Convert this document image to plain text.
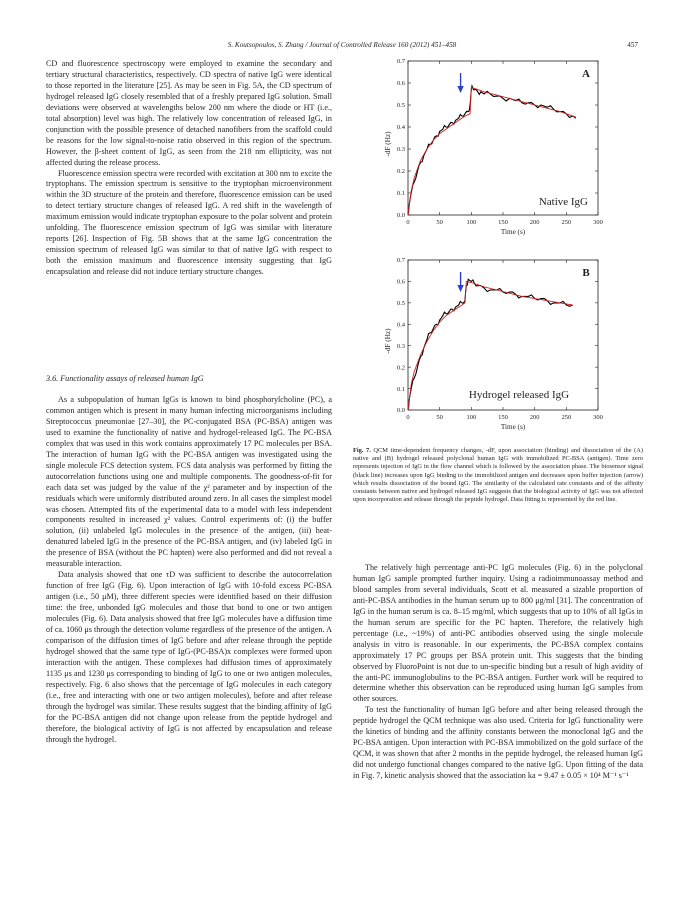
S. Koutsopoulos, S. Zhang / Journal of Controlled Release 160 (2012) 451–458	457

CD and fluorescence spectroscopy were employed to examine the secondary and tertiary structural characteristics, respectively. CD spectra of native IgG were identical to those reported in the literature [25]. As may be seen in Fig. 5A, the CD spectrum of hydrogel released IgG closely resembled that of a freshly prepared IgG solution. Small deviations were observed at wavelengths below 200 nm where the diode or HT (i.e., total absorption) level was high. The relatively low concentration of released IgG, in conjunction with the possible presence of detached nanofibers from the scaffold could be reasons for the low signal-to-noise ratio observed in this region of the spectrum. However, the β-sheet content of IgG, as seen from the 218 nm ellipticity, was not affected during the release process.

Fluorescence emission spectra were recorded with excitation at 300 nm to excite the tryptophans. The emission spectrum is sensitive to the tryptophan microenvironment within the 3D structure of the protein and therefore, fluorescence emission can be used to detect tertiary structure changes of released IgG. A red shift in the wavelength of maximum emission would indicate tryptophan exposure to the polar solvent and protein unfolding. The fluorescence emission spectrum of IgG was similar with literature reports [26]. Inspection of Fig. 5B shows that at the same IgG concentration the emission spectrum of released IgG was similar to that of native IgG with respect to both the emission maximum and fluorescence intensity suggesting that IgG encapsulation and release did not induce tertiary structure changes.

3.6. Functionality assays of released human IgG

As a subpopulation of human IgGs is known to bind phosphorylcholine (PC), a common antigen which is present in many human infecting microorganisms including Streptococcus pneumoniae [27–30], the PC-conjugated BSA (PC-BSA) antigen was used to examine the functionality of native and hydrogel-released IgG. The PC-BSA complex that was used in this work contains approximately 17 PC molecules per BSA. The interaction of human IgG with the PC-BSA antigen was investigated using the single molecule FCS detection system. FCS data analysis was performed by fitting the autocorrelation functions using one and multiple components. The goodness-of-fit for each data set was judged by the value of the χ² parameter and by inspection of the residuals which were uniformly distributed around zero. In all cases the simplest model was chosen. Attempted fits of the experimental data to a model with less independent components resulted in increased χ² values. Control experiments of: (i) the buffer solution, (ii) unlabeled IgG molecules in the presence of the antigen, (iii) heat-denatured labeled IgG in the presence of the PC-BSA antigen, and (iv) labeled IgG in the presence of BSA (without the PC hapten) were also performed and did not reveal a measurable interaction.

Data analysis showed that one τD was sufficient to describe the autocorrelation function of free IgG (Fig. 6). Upon interaction of IgG with 10-fold excess PC-BSA antigen (i.e., 50 μM), three different species were identified based on their diffusion time: the free, unbonded IgG molecules and those that bond to one or two antigen molecules (Fig. 6). Data analysis showed that free IgG molecules have a diffusion time of ca. 1060 μs through the detection volume regardless of the presence of the antigen. A comparison of the diffusion times of IgG before and after release through the peptide hydrogel showed that the same type of IgG-(PC-BSA)x complexes were formed upon interaction with the antigen. These complexes had diffusion times of approximately 1135 μs and 1230 μs corresponding to binding of IgG to one or two antigen molecules, respectively. Fig. 6 also shows that the percentage of IgG molecules in each category (i.e., free and interacting with one or two antigen molecules), before and after release through the hydrogel was similar. These results suggest that the binding affinity of IgG for the PC-BSA antigen did not change upon release from the peptide hydrogel and therefore, the biological activity of IgG is not affected by encapsulation and release through the hydrogel.

0	50	100	150	200	250	300
0.0
0.1
0.2
0.3
0.4
0.5
0.6
0.7
Time (s)
-dF (Hz)
A
Native IgG
0	50	100	150	200	250	300
0.0
0.1
0.2
0.3
0.4
0.5
0.6
0.7
Time (s)
-dF (Hz)
B
Hydrogel released IgG
Fig. 7. QCM time-dependent frequency changes, -dF, upon association (binding) and dissociation of the (A) native and (B) hydrogel released polyclonal human IgG with immobilized PC-BSA (antigen). Time zero represents injection of IgG in the flow channel which is followed by the association phase. The biosensor signal (black line) increases upon IgG binding to the immobilized antigen and decreases upon buffer injection (arrow) which results dissociation of the bound IgG. The similarity of the calculated rate constants and of the affinity constants between native and hydrogel released IgG suggests that the biological activity of IgG was not affected upon incorporation and release through the peptide hydrogel. Data fitting is represented by the red line.

The relatively high percentage anti-PC IgG molecules (Fig. 6) in the polyclonal human IgG sample prompted further inquiry. Using a radioimmunoassay method and blood samples from several individuals, Scott et al. measured a sizable proportion of anti-PC-BSA antibodies in the human serum up to 800 μg/ml [31]. The concentration of IgG in the human serum is ca. 8–15 mg/ml, which suggests that up to 10% of all IgGs in the human serum are specific for the PC hapten. Therefore, the relatively high percentage (i.e., ~19%) of anti-PC antibodies observed using the single molecule analysis in vitro is reasonable. In our experiments, the PC-BSA complex contains approximately 17 PC groups per BSA protein unit. This suggests that the binding observed by FluoroPoint is not due to un-specific binding but a result of high avidity of the anti-PC immunoglobulins to the PC-BSA antigen. Further work will be required to determine whether this observation can be reproduced using human IgG samples from other sources.

To test the functionality of human IgG before and after being released through the peptide hydrogel the QCM technique was also used. Criteria for IgG functionality were the kinetics of binding and the affinity constants between the monoclonal IgG and the PC-BSA antigen. Upon interaction with PC-BSA immobilized on the gold surface of the QCM, it was shown that after 2 months in the peptide hydrogel, the released human IgG did not undergo functional changes compared to the native IgG. Upon fitting of the data in Fig. 7, kinetic analysis showed that the association ka = 9.47 ± 0.05 × 10⁴ M⁻¹ s⁻¹
